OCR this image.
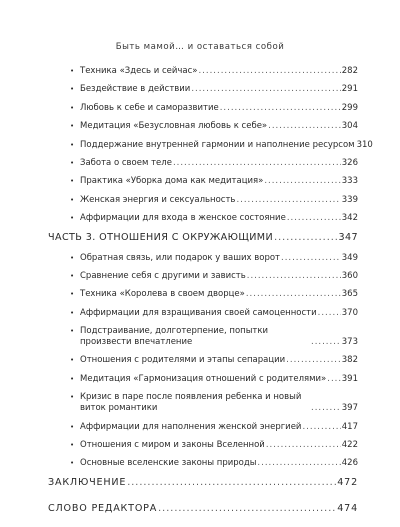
Быть мамой… и оставаться собой
• Техника «Здесь и сейчас» .....	282
• Бездействие в действии .....	291
• Любовь к себе и саморазвитие .....	299
• Медитация «Безусловная любовь к себе» .....	304
• Поддержание внутренней гармонии и наполнение ресурсом 310
• Забота о своем теле .....	326
• Практика «Уборка дома как медитация» .....	333
• Женская энергия и сексуальность .....	339
• Аффирмации для входа в женское состояние .....	342
ЧАСТЬ 3. ОТНОШЕНИЯ С ОКРУЖАЮЩИМИ .....	347
• Обратная связь, или подарок у ваших ворот .....	349
• Сравнение себя с другими и зависть .....	360
• Техника «Королева в своем дворце» .....	365
• Аффирмации для взращивания своей самоценности .....	370
• Подстраивание, долготерпение, попытки произвести впечатление .....	373
• Отношения с родителями и этапы сепарации .....	382
• Медитация «Гармонизация отношений с родителями» ..... 391
• Кризис в паре после появления ребенка и новый виток романтики .....	397
• Аффирмации для наполнения женской энергией .....	417
• Отношения с миром и законы Вселенной .....	422
• Основные вселенские законы природы .....	426
ЗАКЛЮЧЕНИЕ .....	472
СЛОВО РЕДАКТОРА .....	474
